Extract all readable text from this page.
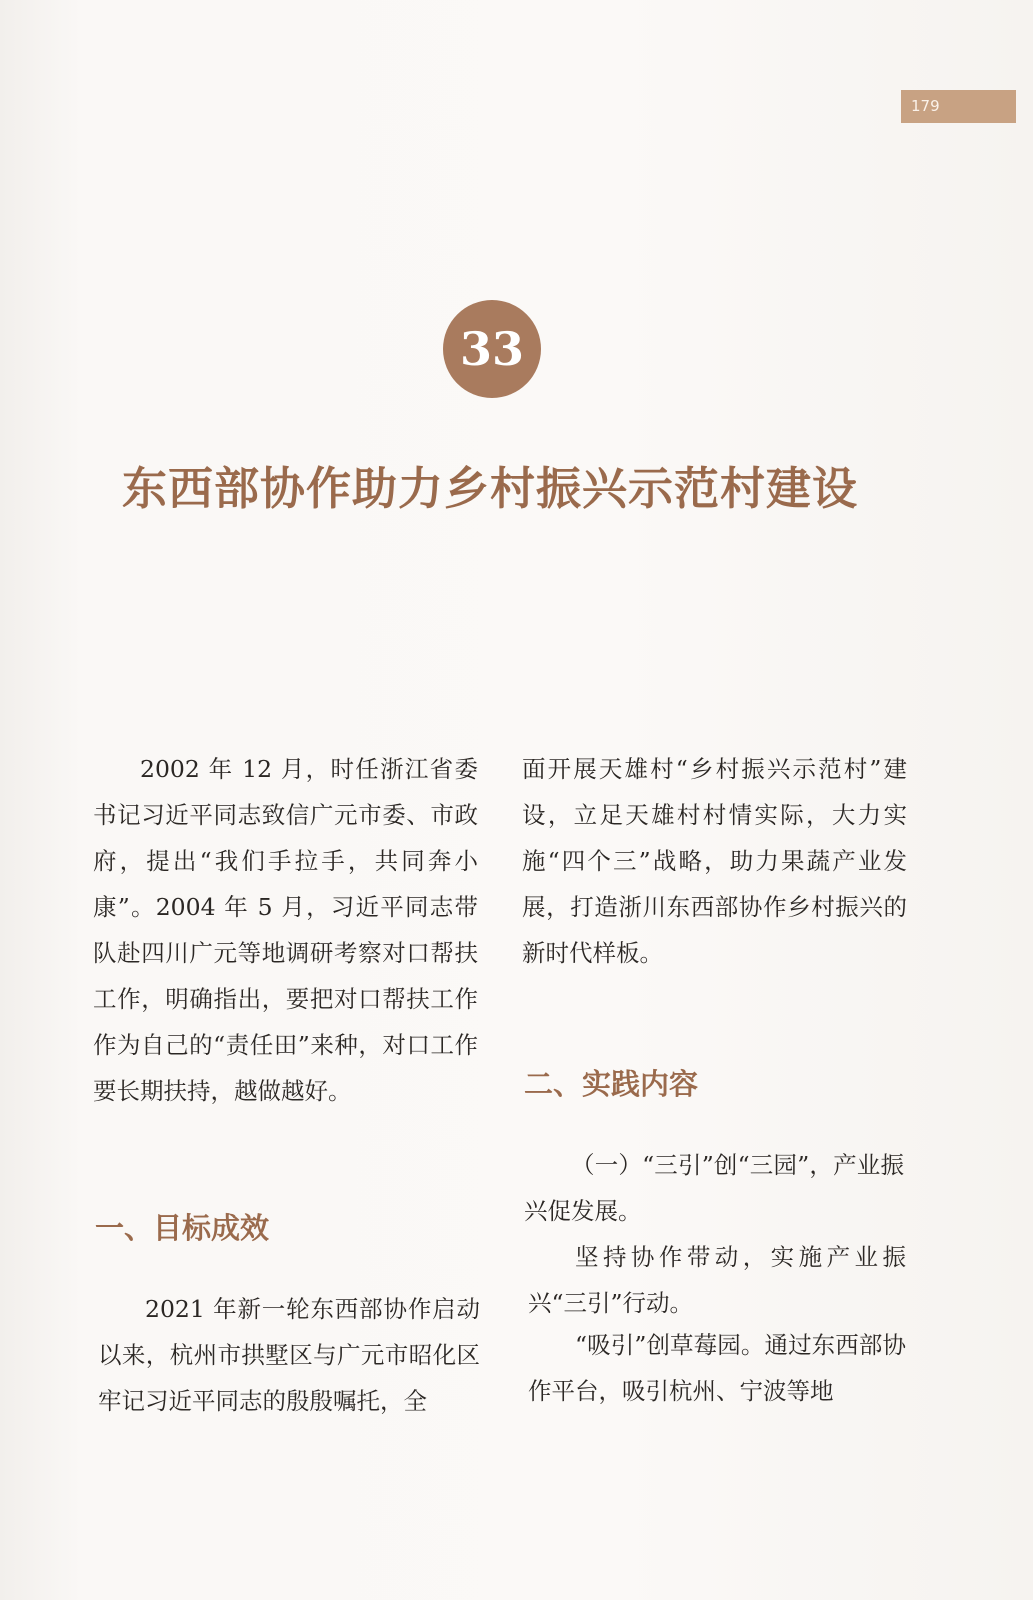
179
33
东西部协作助力乡村振兴示范村建设
2002 年 12 月，时任浙江省委书记习近平同志致信广元市委、市政府，提出“我们手拉手，共同奔小康”。2004 年 5 月，习近平同志带队赴四川广元等地调研考察对口帮扶工作，明确指出，要把对口帮扶工作作为自己的“责任田”来种，对口工作要长期扶持，越做越好。
一、目标成效
2021 年新一轮东西部协作启动以来，杭州市拱墅区与广元市昭化区牢记习近平同志的殷殷嘱托，全
面开展天雄村“乡村振兴示范村”建设，立足天雄村村情实际，大力实施“四个三”战略，助力果蔬产业发展，打造浙川东西部协作乡村振兴的新时代样板。
二、实践内容
（一）“三引”创“三园”，产业振兴促发展。
坚持协作带动，实施产业振兴“三引”行动。
“吸引”创草莓园。通过东西部协作平台，吸引杭州、宁波等地
